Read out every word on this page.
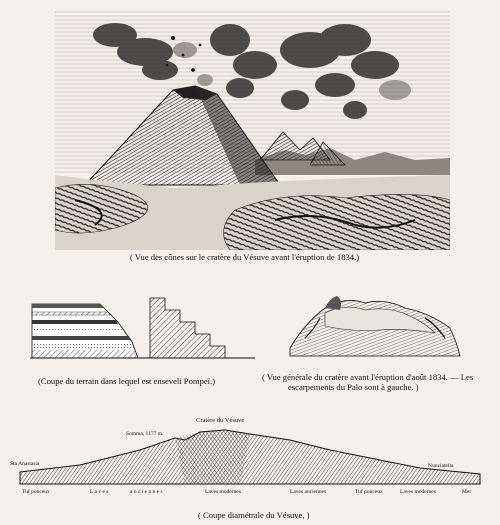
( Vue des cônes sur le cratère du Vésuve avant l'éruption de 1834.)
(Coupe du terrain dans lequel est enseveli Pompeï.)	( Vue générale du cratère avant l'éruption d'août 1834. — Les
escarpements du Palo sont à gauche. )
Cratère du Vésuve
Somma, 1177 m.
Sta Anastasia	Nunziatella
Tuf ponceux	L a v e s	a n c i e n n e s	Laves modernes	Laves anciennes	Tuf ponceux	Laves modernes	Mer
( Coupe diamétrale du Vésuve, )
